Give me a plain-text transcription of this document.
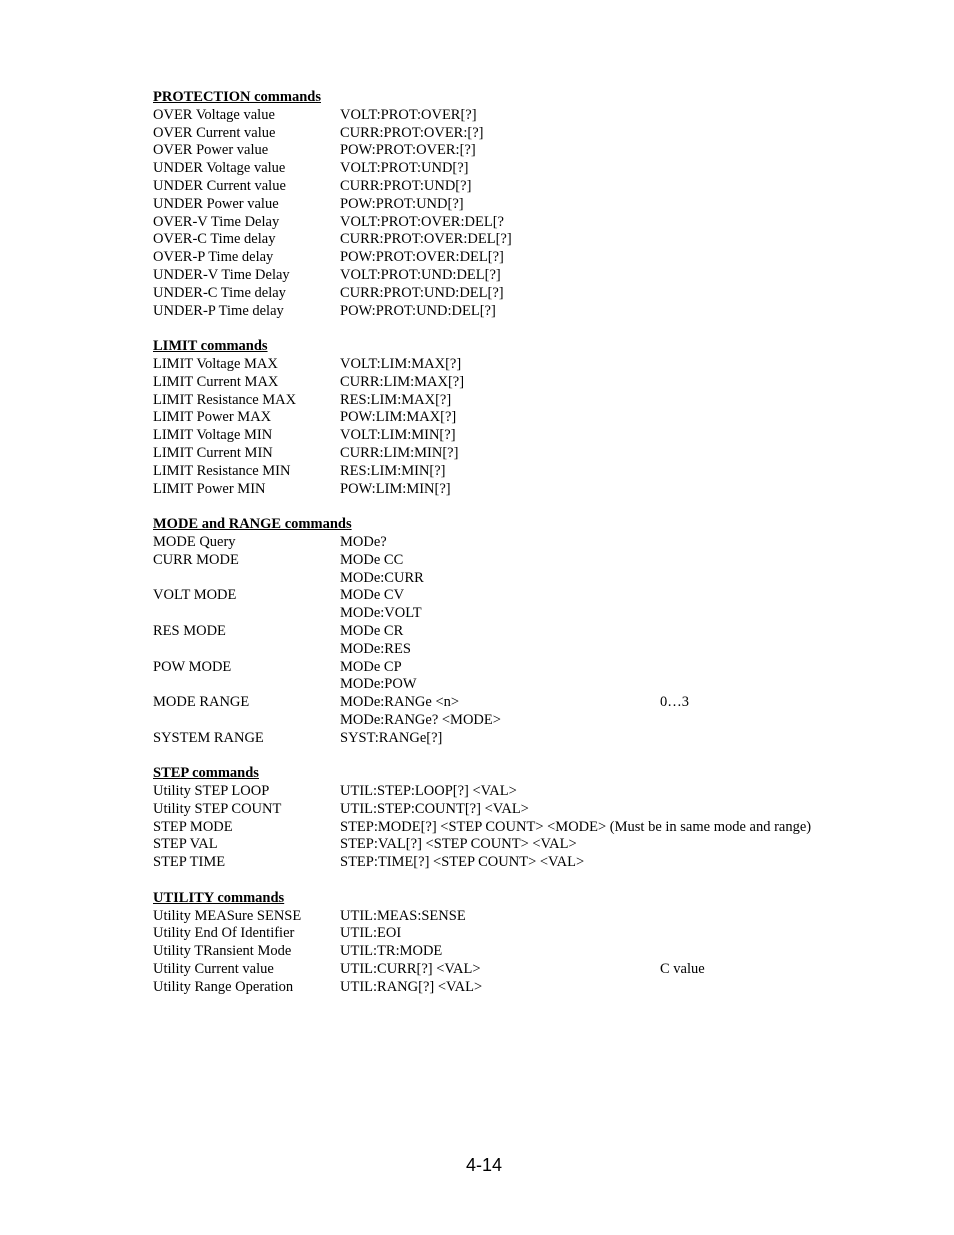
PROTECTION commands
OVER Voltage value	VOLT:PROT:OVER[?]
OVER Current value	CURR:PROT:OVER:[?]
OVER Power value	POW:PROT:OVER:[?]
UNDER Voltage value	VOLT:PROT:UND[?]
UNDER Current value	CURR:PROT:UND[?]
UNDER Power value	POW:PROT:UND[?]
OVER-V Time Delay	VOLT:PROT:OVER:DEL[?
OVER-C Time delay	CURR:PROT:OVER:DEL[?]
OVER-P Time delay	POW:PROT:OVER:DEL[?]
UNDER-V Time Delay	VOLT:PROT:UND:DEL[?]
UNDER-C Time delay	CURR:PROT:UND:DEL[?]
UNDER-P Time delay	POW:PROT:UND:DEL[?]
LIMIT commands
LIMIT Voltage MAX	VOLT:LIM:MAX[?]
LIMIT Current MAX	CURR:LIM:MAX[?]
LIMIT Resistance MAX	RES:LIM:MAX[?]
LIMIT Power MAX	POW:LIM:MAX[?]
LIMIT Voltage MIN	VOLT:LIM:MIN[?]
LIMIT Current MIN	CURR:LIM:MIN[?]
LIMIT Resistance MIN	RES:LIM:MIN[?]
LIMIT Power MIN	POW:LIM:MIN[?]
MODE and RANGE commands
MODE Query	MODe?
CURR MODE	MODe CC
MODe:CURR
VOLT MODE	MODe CV
MODe:VOLT
RES MODE	MODe CR
MODe:RES
POW MODE	MODe CP
MODe:POW
MODE RANGE	MODe:RANGe <n>	0…3
MODe:RANGe? <MODE>
SYSTEM RANGE	SYST:RANGe[?]
STEP commands
Utility STEP LOOP	UTIL:STEP:LOOP[?] <VAL>
Utility STEP COUNT	UTIL:STEP:COUNT[?] <VAL>
STEP MODE	STEP:MODE[?] <STEP COUNT> <MODE> (Must be in same mode and range)
STEP VAL	STEP:VAL[?] <STEP COUNT> <VAL>
STEP TIME	STEP:TIME[?] <STEP COUNT> <VAL>
UTILITY commands
Utility MEASure SENSE	UTIL:MEAS:SENSE
Utility End Of Identifier	UTIL:EOI
Utility TRansient Mode	UTIL:TR:MODE
Utility Current value	UTIL:CURR[?] <VAL>	C value
Utility Range Operation	UTIL:RANG[?] <VAL>
4-14
